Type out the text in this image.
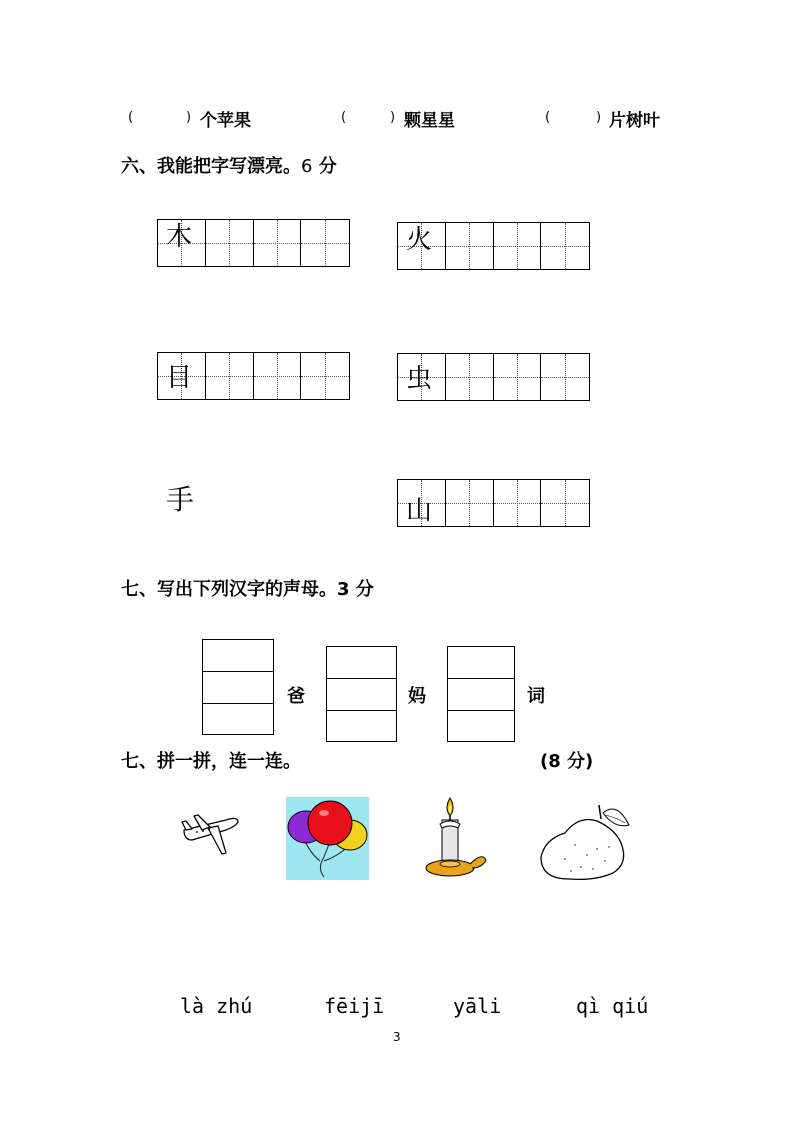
(	) 个苹果	(	) 颗星星	(	) 片树叶
六、我能把字写漂亮。6 分
木	火
目	虫
手	山
七、写出下列汉字的声母。3 分
爸	妈	词
七、拼一拼，连一连。	(8 分)
là zhú	fēijī	yāli	qì qiú
3
